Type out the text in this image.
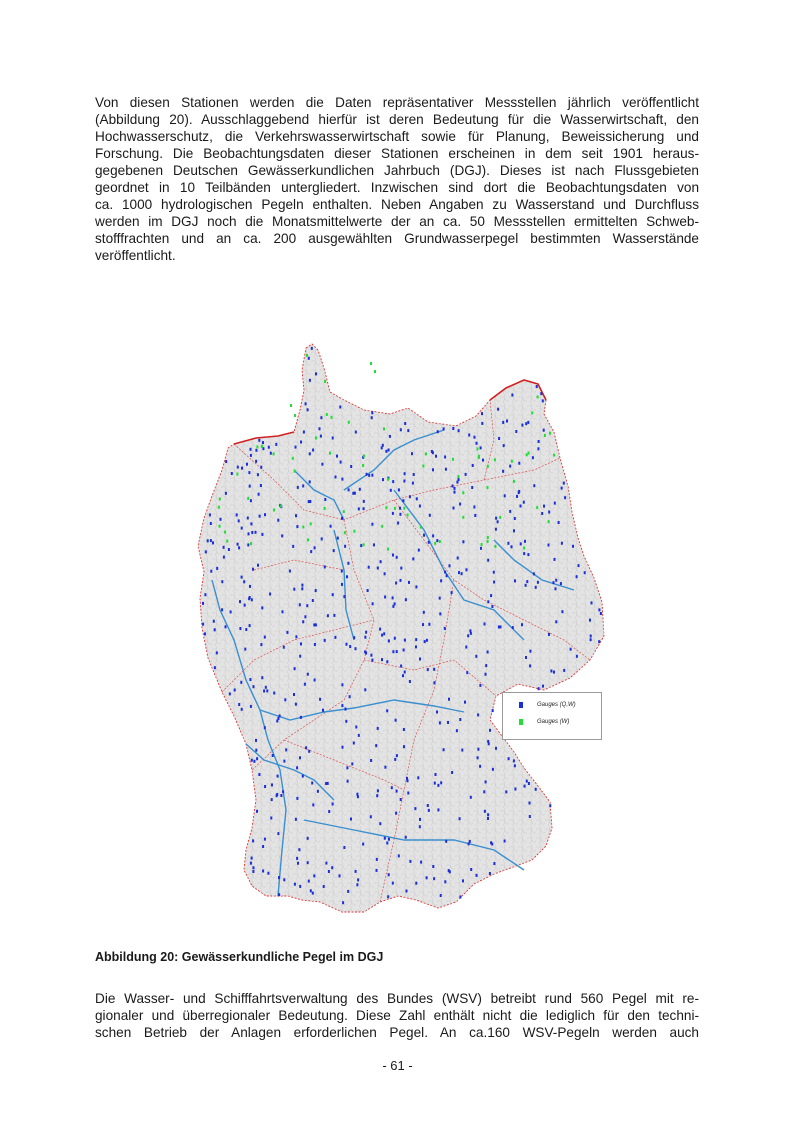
Von diesen Stationen werden die Daten repräsentativer Messstellen jährlich veröffentlicht
(Abbildung 20). Ausschlaggebend hierfür ist deren Bedeutung für die Wasserwirtschaft, den
Hochwasserschutz, die Verkehrswasserwirtschaft sowie für Planung, Beweissicherung und
Forschung. Die Beobachtungsdaten dieser Stationen erscheinen in dem seit 1901 heraus-
gegebenen Deutschen Gewässerkundlichen Jahrbuch (DGJ). Dieses ist nach Flussgebieten
geordnet in 10 Teilbänden untergliedert. Inzwischen sind dort die Beobachtungsdaten von
ca. 1000 hydrologischen Pegeln enthalten. Neben Angaben zu Wasserstand und Durchfluss
werden im DGJ noch die Monatsmittelwerte der an ca. 50 Messstellen ermittelten Schweb-
stofffrachten und an ca. 200 ausgewählten Grundwasserpegel bestimmten Wasserstände
veröffentlicht.

Gauges (Q,W)
Gauges (W)

Abbildung 20: Gewässerkundliche Pegel im DGJ

Die Wasser- und Schifffahrtsverwaltung des Bundes (WSV) betreibt rund 560 Pegel mit re-
gionaler und überregionaler Bedeutung. Diese Zahl enthält nicht die lediglich für den techni-
schen Betrieb der Anlagen erforderlichen Pegel. An ca.160 WSV-Pegeln werden auch

- 61 -
